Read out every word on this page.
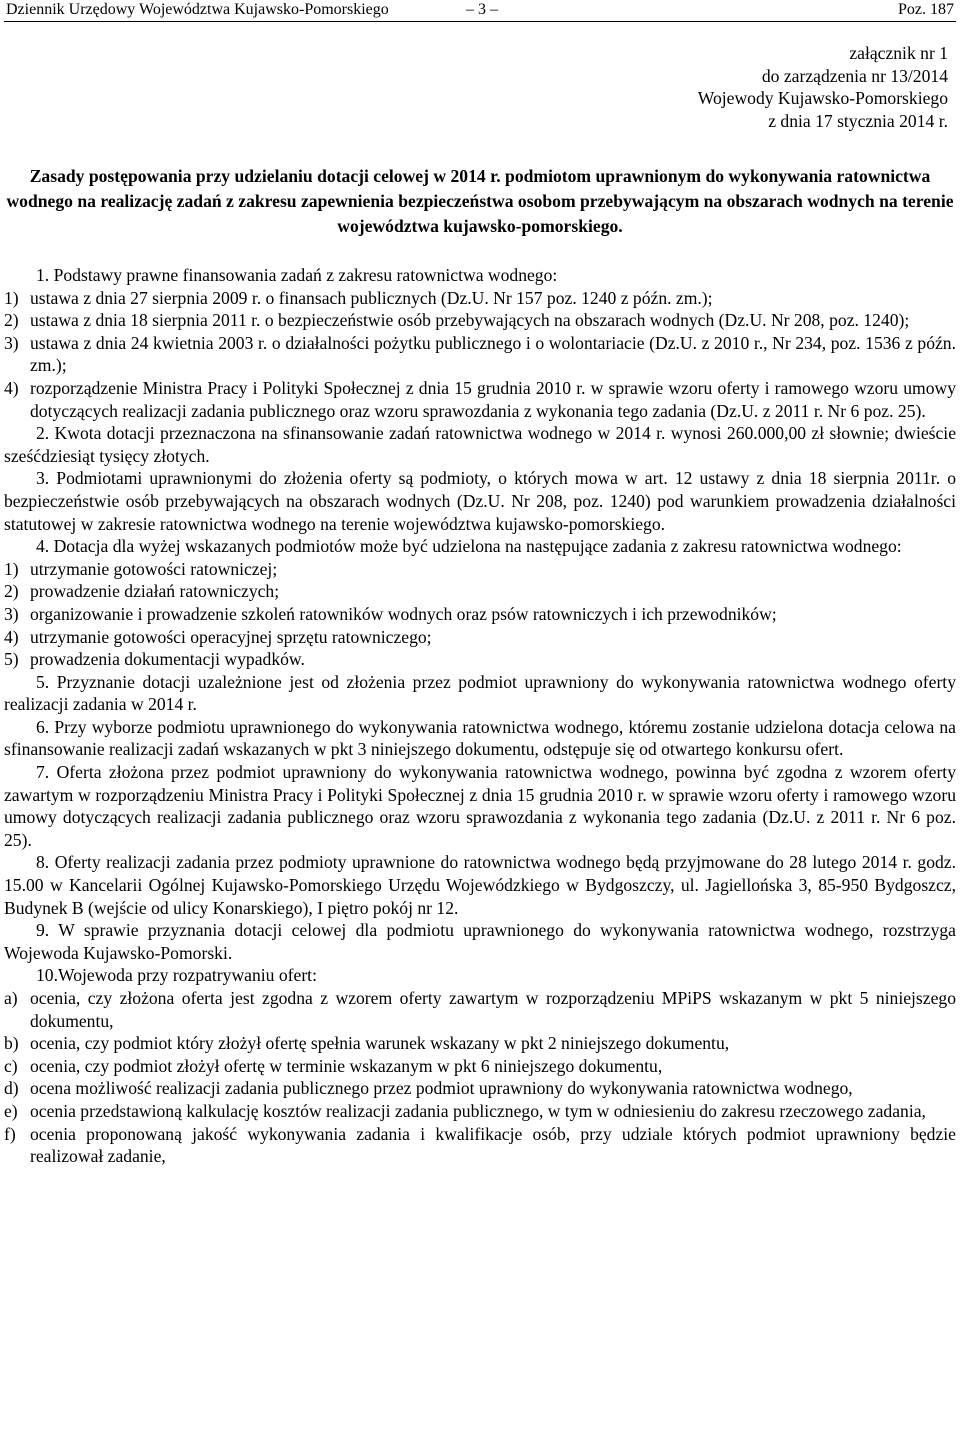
Dziennik Urzędowy Województwa Kujawsko-Pomorskiego	– 3 –	Poz. 187
załącznik nr 1
do zarządzenia nr 13/2014
Wojewody Kujawsko-Pomorskiego
z dnia 17 stycznia 2014 r.
Zasady postępowania przy udzielaniu dotacji celowej w 2014 r. podmiotom uprawnionym do wykonywania ratownictwa wodnego na realizację zadań z zakresu zapewnienia bezpieczeństwa osobom przebywającym na obszarach wodnych na terenie województwa kujawsko-pomorskiego.

1. Podstawy prawne finansowania zadań z zakresu ratownictwa wodnego:

1) ustawa z dnia 27 sierpnia 2009 r. o finansach publicznych (Dz.U. Nr 157 poz. 1240 z późn. zm.);
2) ustawa z dnia 18 sierpnia 2011 r. o bezpieczeństwie osób przebywających na obszarach wodnych (Dz.U. Nr 208, poz. 1240);
3) ustawa z dnia 24 kwietnia 2003 r. o działalności pożytku publicznego i o wolontariacie (Dz.U. z 2010 r., Nr 234, poz. 1536 z późn. zm.);
4) rozporządzenie Ministra Pracy i Polityki Społecznej z dnia 15 grudnia 2010 r. w sprawie wzoru oferty i ramowego wzoru umowy dotyczących realizacji zadania publicznego oraz wzoru sprawozdania z wykonania tego zadania (Dz.U. z 2011 r. Nr 6 poz. 25).

2. Kwota dotacji przeznaczona na sfinansowanie zadań ratownictwa wodnego w 2014 r. wynosi 260.000,00 zł słownie; dwieście sześćdziesiąt tysięcy złotych.

3. Podmiotami uprawnionymi do złożenia oferty są podmioty, o których mowa w art. 12 ustawy z dnia 18 sierpnia 2011r. o bezpieczeństwie osób przebywających na obszarach wodnych (Dz.U. Nr 208, poz. 1240) pod warunkiem prowadzenia działalności statutowej w zakresie ratownictwa wodnego na terenie województwa kujawsko-pomorskiego.

4. Dotacja dla wyżej wskazanych podmiotów może być udzielona na następujące zadania z zakresu ratownictwa wodnego:

1) utrzymanie gotowości ratowniczej;
2) prowadzenie działań ratowniczych;
3) organizowanie i prowadzenie szkoleń ratowników wodnych oraz psów ratowniczych i ich przewodników;
4) utrzymanie gotowości operacyjnej sprzętu ratowniczego;
5) prowadzenia dokumentacji wypadków.

5. Przyznanie dotacji uzależnione jest od złożenia przez podmiot uprawniony do wykonywania ratownictwa wodnego oferty realizacji zadania w 2014 r.

6. Przy wyborze podmiotu uprawnionego do wykonywania ratownictwa wodnego, któremu zostanie udzielona dotacja celowa na sfinansowanie realizacji zadań wskazanych w pkt 3 niniejszego dokumentu, odstępuje się od otwartego konkursu ofert.

7. Oferta złożona przez podmiot uprawniony do wykonywania ratownictwa wodnego, powinna być zgodna z wzorem oferty zawartym w rozporządzeniu Ministra Pracy i Polityki Społecznej z dnia 15 grudnia 2010 r. w sprawie wzoru oferty i ramowego wzoru umowy dotyczących realizacji zadania publicznego oraz wzoru sprawozdania z wykonania tego zadania (Dz.U. z 2011 r. Nr 6 poz. 25).

8. Oferty realizacji zadania przez podmioty uprawnione do ratownictwa wodnego będą przyjmowane do 28 lutego 2014 r. godz. 15.00 w Kancelarii Ogólnej Kujawsko-Pomorskiego Urzędu Wojewódzkiego w Bydgoszczy, ul. Jagiellońska 3, 85-950 Bydgoszcz, Budynek B (wejście od ulicy Konarskiego), I piętro pokój nr 12.

9. W sprawie przyznania dotacji celowej dla podmiotu uprawnionego do wykonywania ratownictwa wodnego, rozstrzyga Wojewoda Kujawsko-Pomorski.

10.Wojewoda przy rozpatrywaniu ofert:

a) ocenia, czy złożona oferta jest zgodna z wzorem oferty zawartym w rozporządzeniu MPiPS wskazanym w pkt 5 niniejszego dokumentu,
b) ocenia, czy podmiot który złożył ofertę spełnia warunek wskazany w pkt 2 niniejszego dokumentu,
c) ocenia, czy podmiot złożył ofertę w terminie wskazanym w pkt 6 niniejszego dokumentu,
d) ocena możliwość realizacji zadania publicznego przez podmiot uprawniony do wykonywania ratownictwa wodnego,
e) ocenia przedstawioną kalkulację kosztów realizacji zadania publicznego, w tym w odniesieniu do zakresu rzeczowego zadania,
f) ocenia proponowaną jakość wykonywania zadania i kwalifikacje osób, przy udziale których podmiot uprawniony będzie realizował zadanie,
